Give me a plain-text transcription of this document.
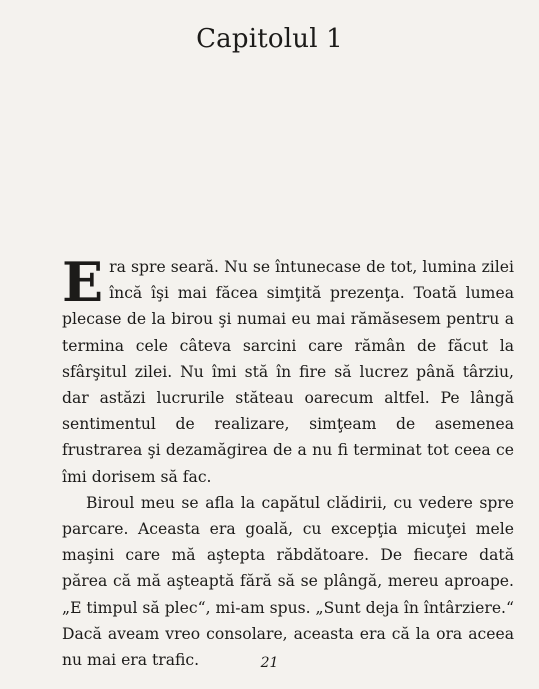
Capitolul 1

Era spre seară. Nu se întunecase de tot, lumina zilei încă îşi mai făcea simţită prezenţa. Toată lumea plecase de la birou şi numai eu mai rămăsesem pentru a termina cele câteva sarcini care rămân de făcut la sfârşitul zilei. Nu îmi stă în fire să lucrez până târziu, dar astăzi lucrurile stăteau oarecum altfel. Pe lângă sentimentul de realizare, simţeam de asemenea frustrarea şi dezamăgirea de a nu fi terminat tot ceea ce îmi dorisem să fac.

Biroul meu se afla la capătul clădirii, cu vedere spre parcare. Aceasta era goală, cu excepţia micuţei mele maşini care mă aştepta răbdătoare. De fiecare dată părea că mă aşteaptă fără să se plângă, mereu aproape. „E timpul să plec“, mi-am spus. „Sunt deja în întârziere.“ Dacă aveam vreo consolare, aceasta era că la ora aceea nu mai era trafic.	21
